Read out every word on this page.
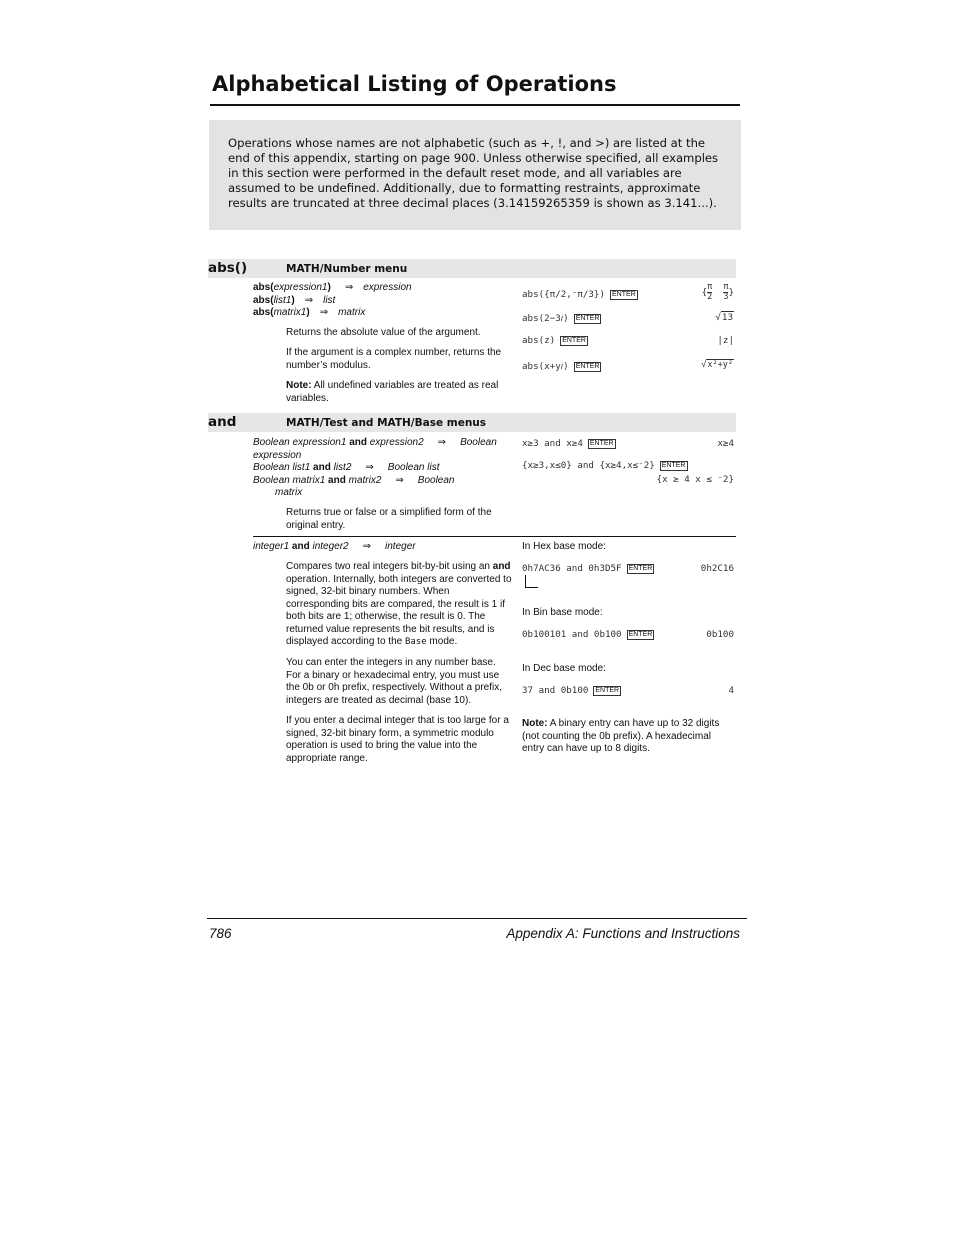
Alphabetical Listing of Operations

Operations whose names are not alphabetic (such as +, !, and >) are listed at the end of this appendix, starting on page 900. Unless otherwise specified, all examples in this section were performed in the default reset mode, and all variables are assumed to be undefined. Additionally, due to formatting restraints, approximate results are truncated at three decimal places (3.14159265359 is shown as 3.141...).

abs()	MATH/Number menu
abs(expression1) ⇒ expression
abs(list1) ⇒ list
abs(matrix1) ⇒ matrix
Returns the absolute value of the argument.
If the argument is a complex number, returns the number’s modulus.
Note: All undefined variables are treated as real variables.
abs({π/2,⁻π/3}) ENTER	{ $\frac{\pi}{2}$
$\frac{\pi}{3}$ }
abs(2−3𝑖) ENTER	√13
abs(z) ENTER	|z|
abs(x+y𝑖) ENTER	√x²+y²
and	MATH/Test and MATH/Base menus
Boolean expression1 and expression2 ⇒ Boolean
expression
Boolean list1 and list2 ⇒ Boolean list
Boolean matrix1 and matrix2 ⇒ Boolean
matrix
Returns true or false or a simplified form of the original entry.
x≥3 and x≥4 ENTER	x≥4
{x≥3,x≤0} and {x≥4,x≤⁻2} ENTER
{x ≥ 4 x ≤ ⁻2}
integer1 and integer2 ⇒ integer
Compares two real integers bit-by-bit using an and operation. Internally, both integers are converted to signed, 32-bit binary numbers. When corresponding bits are compared, the result is 1 if both bits are 1; otherwise, the result is 0. The returned value represents the bit results, and is displayed according to the Base mode.
You can enter the integers in any number base. For a binary or hexadecimal entry, you must use the 0b or 0h prefix, respectively. Without a prefix, integers are treated as decimal (base 10).
If you enter a decimal integer that is too large for a signed, 32-bit binary form, a symmetric modulo operation is used to bring the value into the appropriate range.
In Hex base mode:
0h7AC36 and 0h3D5F ENTER	0h2C16
In Bin base mode:
0b100101 and 0b100 ENTER	0b100
In Dec base mode:
37 and 0b100 ENTER	4
Note: A binary entry can have up to 32 digits (not counting the 0b prefix). A hexadecimal entry can have up to 8 digits.
786	Appendix A: Functions and Instructions
